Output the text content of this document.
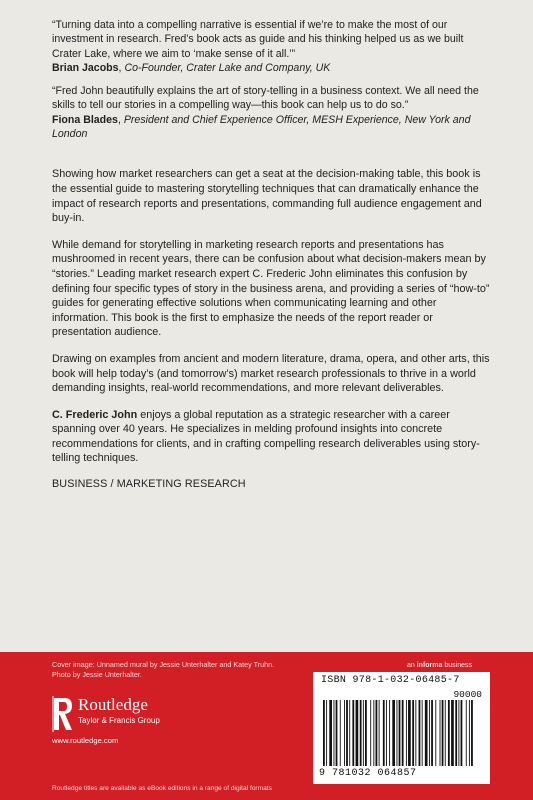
“Turning data into a compelling narrative is essential if we’re to make the most of our investment in research. Fred’s book acts as guide and his thinking helped us as we built Crater Lake, where we aim to ‘make sense of it all.’”

Brian Jacobs, Co-Founder, Crater Lake and Company, UK

“Fred John beautifully explains the art of story-telling in a business context. We all need the skills to tell our stories in a compelling way—this book can help us to do so.”

Fiona Blades, President and Chief Experience Officer, MESH Experience, New York and London

Showing how market researchers can get a seat at the decision-making table, this book is the essential guide to mastering storytelling techniques that can dramatically enhance the impact of research reports and presentations, commanding full audience engagement and buy-in.

While demand for storytelling in marketing research reports and presentations has mushroomed in recent years, there can be confusion about what decision-makers mean by “stories.” Leading market research expert C. Frederic John eliminates this confusion by defining four specific types of story in the business arena, and providing a series of “how-to” guides for generating effective solutions when communicating learning and other information. This book is the first to emphasize the needs of the report reader or presentation audience.

Drawing on examples from ancient and modern literature, drama, opera, and other arts, this book will help today’s (and tomorrow’s) market research professionals to thrive in a world demanding insights, real-world recommendations, and more relevant deliverables.

C. Frederic John enjoys a global reputation as a strategic researcher with a career spanning over 40 years. He specializes in melding profound insights into concrete recommendations for clients, and in crafting compelling research deliverables using story-telling techniques.

BUSINESS / MARKETING RESEARCH

Cover image: Unnamed mural by Jessie Unterhalter and Katey Truhn.
Photo by Jessie Unterhalter.
an informa business
Routledge
Taylor & Francis Group
www.routledge.com
Routledge titles are available as eBook editions in a range of digital formats
ISBN 978-1-032-06485-7
90000
9 781032 064857
